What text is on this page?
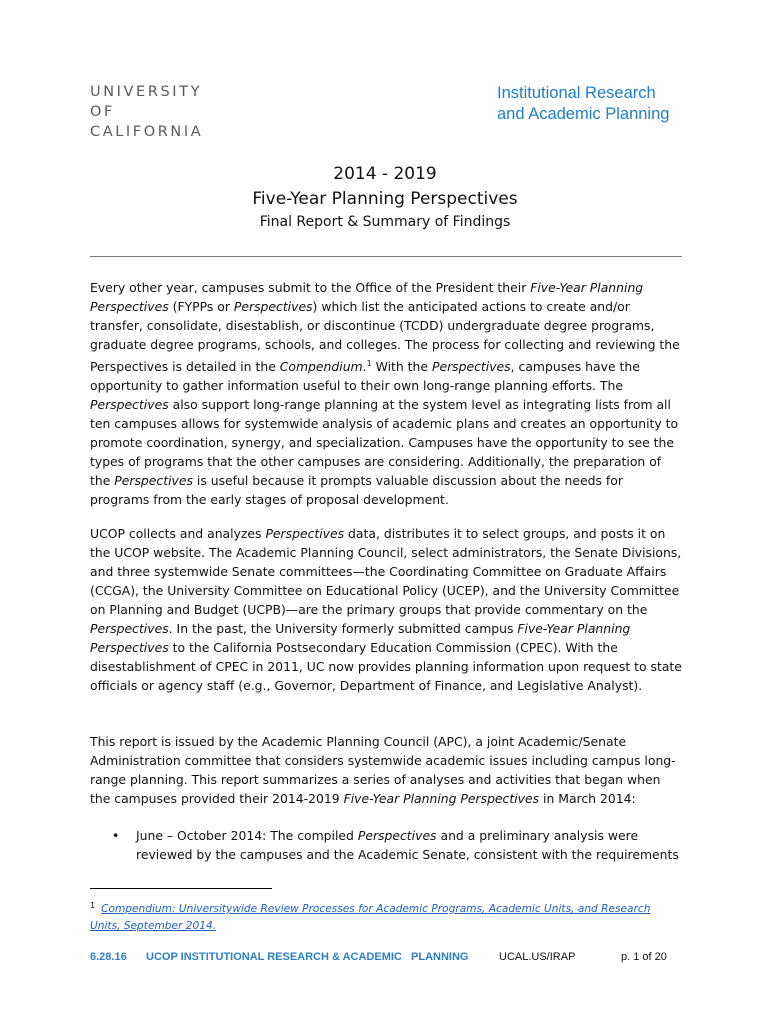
UNIVERSITY
OF
CALIFORNIA
Institutional Research
and Academic Planning
2014 - 2019
Five-Year Planning Perspectives
Final Report & Summary of Findings
Every other year, campuses submit to the Office of the President their Five-Year Planning Perspectives (FYPPs or Perspectives) which list the anticipated actions to create and/or transfer, consolidate, disestablish, or discontinue (TCDD) undergraduate degree programs, graduate degree programs, schools, and colleges. The process for collecting and reviewing the Perspectives is detailed in the Compendium.$^1$ With the Perspectives, campuses have the opportunity to gather information useful to their own long-range planning efforts. The Perspectives also support long-range planning at the system level as integrating lists from all ten campuses allows for systemwide analysis of academic plans and creates an opportunity to promote coordination, synergy, and specialization. Campuses have the opportunity to see the types of programs that the other campuses are considering. Additionally, the preparation of the Perspectives is useful because it prompts valuable discussion about the needs for programs from the early stages of proposal development.
UCOP collects and analyzes Perspectives data, distributes it to select groups, and posts it on the UCOP website. The Academic Planning Council, select administrators, the Senate Divisions, and three systemwide Senate committees—the Coordinating Committee on Graduate Affairs (CCGA), the University Committee on Educational Policy (UCEP), and the University Committee on Planning and Budget (UCPB)—are the primary groups that provide commentary on the Perspectives. In the past, the University formerly submitted campus Five-Year Planning Perspectives to the California Postsecondary Education Commission (CPEC). With the disestablishment of CPEC in 2011, UC now provides planning information upon request to state officials or agency staff (e.g., Governor, Department of Finance, and Legislative Analyst).
This report is issued by the Academic Planning Council (APC), a joint Academic/Senate Administration committee that considers systemwide academic issues including campus long-range planning. This report summarizes a series of analyses and activities that began when the campuses provided their 2014-2019 Five-Year Planning Perspectives in March 2014:
• June – October 2014: The compiled Perspectives and a preliminary analysis were reviewed by the campuses and the Academic Senate, consistent with the requirements
$^1$ Compendium: Universitywide Review Processes for Academic Programs, Academic Units, and Research Units, September 2014.
6.28.16 UCOP INSTITUTIONAL RESEARCH & ACADEMIC   PLANNING	UCAL.US/IRAP	p. 1 of 20
